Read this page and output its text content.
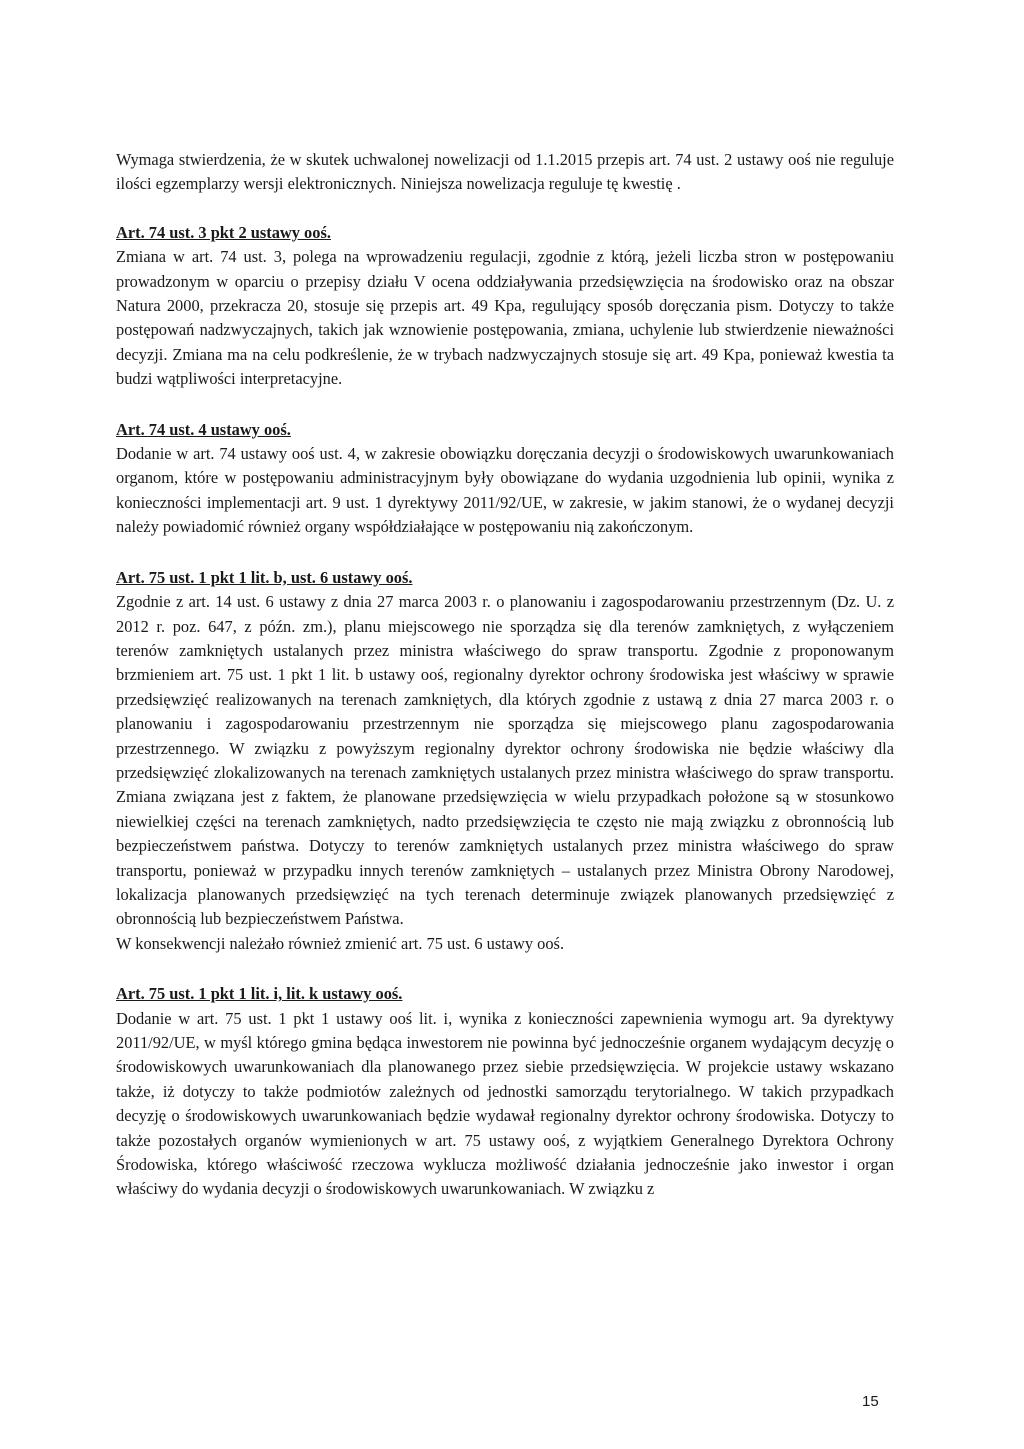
Wymaga stwierdzenia, że w skutek uchwalonej nowelizacji od 1.1.2015 przepis art. 74 ust. 2 ustawy ooś nie reguluje ilości egzemplarzy wersji elektronicznych. Niniejsza nowelizacja reguluje tę kwestię .

Art. 74 ust. 3 pkt 2 ustawy ooś.

Zmiana w art. 74 ust. 3, polega na wprowadzeniu regulacji, zgodnie z którą, jeżeli liczba stron w postępowaniu prowadzonym w oparciu o przepisy działu V ocena oddziaływania przedsięwzięcia na środowisko oraz na obszar Natura 2000, przekracza 20, stosuje się przepis art. 49 Kpa, regulujący sposób doręczania pism. Dotyczy to także postępowań nadzwyczajnych, takich jak wznowienie postępowania, zmiana, uchylenie lub stwierdzenie nieważności decyzji. Zmiana ma na celu podkreślenie, że w trybach nadzwyczajnych stosuje się art. 49 Kpa, ponieważ kwestia ta budzi wątpliwości interpretacyjne.

Art. 74 ust. 4 ustawy ooś.

Dodanie w art. 74 ustawy ooś ust. 4, w zakresie obowiązku doręczania decyzji o środowiskowych uwarunkowaniach organom, które w postępowaniu administracyjnym były obowiązane do wydania uzgodnienia lub opinii, wynika z konieczności implementacji art. 9 ust. 1 dyrektywy 2011/92/UE, w zakresie, w jakim stanowi, że o wydanej decyzji należy powiadomić również organy współdziałające w postępowaniu nią zakończonym.

Art. 75 ust. 1 pkt 1 lit. b, ust. 6 ustawy ooś.

Zgodnie z art. 14 ust. 6 ustawy z dnia 27 marca 2003 r. o planowaniu i zagospodarowaniu przestrzennym (Dz. U. z 2012 r. poz. 647, z późn. zm.), planu miejscowego nie sporządza się dla terenów zamkniętych, z wyłączeniem terenów zamkniętych ustalanych przez ministra właściwego do spraw transportu. Zgodnie z proponowanym brzmieniem art. 75 ust. 1 pkt 1 lit. b ustawy ooś, regionalny dyrektor ochrony środowiska jest właściwy w sprawie przedsięwzięć realizowanych na terenach zamkniętych, dla których zgodnie z ustawą z dnia 27 marca 2003 r. o planowaniu i zagospodarowaniu przestrzennym nie sporządza się miejscowego planu zagospodarowania przestrzennego. W związku z powyższym regionalny dyrektor ochrony środowiska nie będzie właściwy dla przedsięwzięć zlokalizowanych na terenach zamkniętych ustalanych przez ministra właściwego do spraw transportu. Zmiana związana jest z faktem, że planowane przedsięwzięcia w wielu przypadkach położone są w stosunkowo niewielkiej części na terenach zamkniętych, nadto przedsięwzięcia te często nie mają związku z obronnością lub bezpieczeństwem państwa. Dotyczy to terenów zamkniętych ustalanych przez ministra właściwego do spraw transportu, ponieważ w przypadku innych terenów zamkniętych – ustalanych przez Ministra Obrony Narodowej, lokalizacja planowanych przedsięwzięć na tych terenach determinuje związek planowanych przedsięwzięć z obronnością lub bezpieczeństwem Państwa.

W konsekwencji należało również zmienić art. 75 ust. 6 ustawy ooś.

Art. 75 ust. 1 pkt 1 lit. i, lit. k ustawy ooś.

Dodanie w art. 75 ust. 1 pkt 1 ustawy ooś lit. i, wynika z konieczności zapewnienia wymogu art. 9a dyrektywy 2011/92/UE, w myśl którego gmina będąca inwestorem nie powinna być jednocześnie organem wydającym decyzję o środowiskowych uwarunkowaniach dla planowanego przez siebie przedsięwzięcia. W projekcie ustawy wskazano także, iż dotyczy to także podmiotów zależnych od jednostki samorządu terytorialnego. W takich przypadkach decyzję o środowiskowych uwarunkowaniach będzie wydawał regionalny dyrektor ochrony środowiska. Dotyczy to także pozostałych organów wymienionych w art. 75 ustawy ooś, z wyjątkiem Generalnego Dyrektora Ochrony Środowiska, którego właściwość rzeczowa wyklucza możliwość działania jednocześnie jako inwestor i organ właściwy do wydania decyzji o środowiskowych uwarunkowaniach. W związku z

15
